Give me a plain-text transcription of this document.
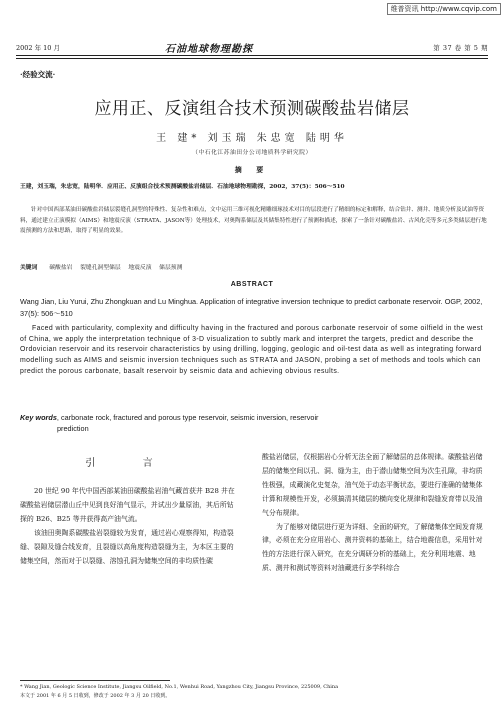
维普资讯 http://www.cqvip.com
2002 年 10 月	石油地球物理勘探	第 37 卷 第 5 期
·经验交流·
应用正、反演组合技术预测碳酸盐岩储层
王 建* 刘玉瑞 朱忠宽 陆明华
（中石化江苏油田分公司地质科学研究院）
摘 要
王建，刘玉瑞，朱忠宽，陆明华．应用正、反演组合技术预测碳酸盐岩储层．石油地球物理勘探，2002，37(5)：506～510
针对中国西部某油田碳酸盐岩储层裂缝孔洞型的特殊性、复杂性和难点，文中运用三维可视化精雕细琢技术对目的层段进行了精细的标定和解释，结合钻井、测井、地质分析及试油等资料，通过建立正演模拟（AIMS）和地震反演（STRATA、JASON等）处理技术，对奥陶系储层及其储集特性进行了预测和描述，探索了一条针对碳酸盐岩、古风化壳等多元多类储层进行地震预测的方法和思路，取得了明显的效果。
关键词 碳酸盐岩  裂缝孔洞型储层  地震反演  储层预测
ABSTRACT
Wang Jian, Liu Yurui, Zhu Zhongkuan and Lu Minghua. Application of integrative inversion technique to predict carbonate reservoir. OGP, 2002, 37(5): 506～510
Faced with particularity, complexity and difficulty having in the fractured and porous carbonate reservoir of some oilfield in the west of China, we apply the interpretation technique of 3-D visualization to subtly mark and interpret the targets, predict and describe the Ordovician reservoir and its reservoir characteristics by using drilling, logging, geologic and oil-test data as well as integrating forward modelling such as AIMS and seismic inversion techniques such as STRATA and JASON, probing a set of methods and tools which can predict the porous carbonate, basalt reservoir by seismic data and achieving obvious results.
Key words, carbonate rock, fractured and porous type reservoir, seismic inversion, reservoir
prediction
引 言

20 世纪 90 年代中国西部某油田碳酸盐岩油气藏首获井 B28 井在碳酸盐岩储层潜山丘中见到良好油气显示，并试出少量原油，其后所钻探的 B26、B25 等井获得高产油气流。

该油田奥陶系碳酸盐岩裂缝较为发育，通过岩心观察得知，构造裂缝、裂隙及缝合线发育，且裂缝以高角度构造裂缝为主，为本区主要的储集空间，然而对于以裂缝、溶蚀孔洞为储集空间的非均质性碳

酸盐岩储层，仅根据岩心分析无法全面了解储层的总体规律。碳酸盐岩储层的储集空间以孔、洞、缝为主，由于潜山储集空间为次生孔隙，非均质性极强，成藏演化史复杂，油气处于动态平衡状态，要进行准确的储集体计算和规模性开发，必须搞清其储层的横向变化规律和裂缝发育带以及油气分布规律。

为了能够对储层进行更为详细、全面的研究，了解储集体空间发育规律，必须在充分应用岩心、测井资料的基础上，结合地震信息，采用针对性的方法进行深入研究，在充分调研分析的基础上，充分利用地震、地质、测井和测试等资料对油藏进行多学科综合

* Wang Jian, Geologic Science Institute, Jiangsu Oilfield, No.1, Wenhui Road, Yangzhou City, Jiangsu Province, 225009, China
本文于 2001 年 6 月 5 日收到，修改于 2002 年 3 月 20 日收到。
